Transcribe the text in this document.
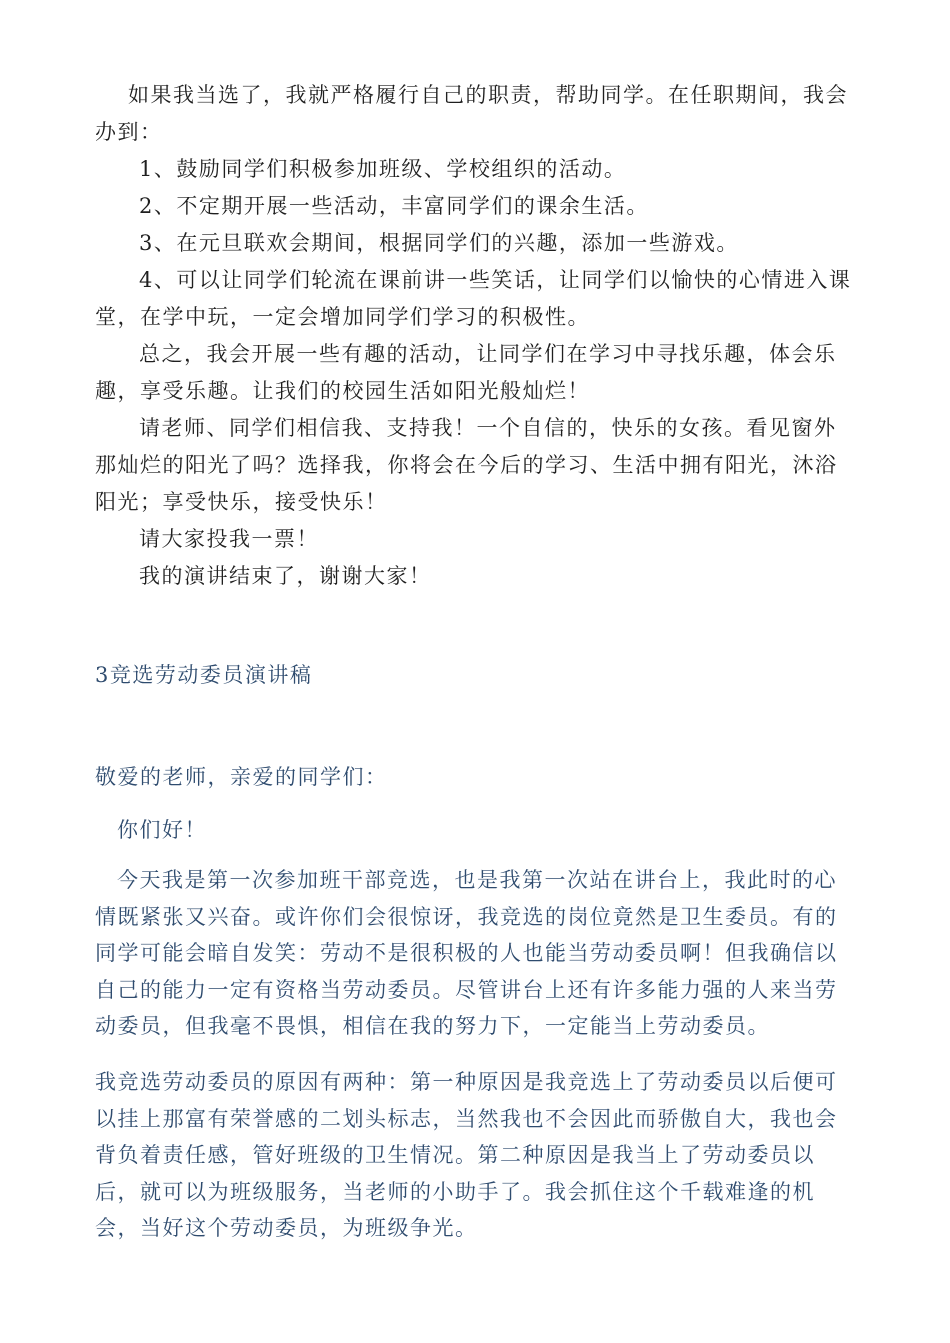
如果我当选了，我就严格履行自己的职责，帮助同学。在任职期间，我会办到：

1、鼓励同学们积极参加班级、学校组织的活动。

2、不定期开展一些活动，丰富同学们的课余生活。

3、在元旦联欢会期间，根据同学们的兴趣，添加一些游戏。

4、可以让同学们轮流在课前讲一些笑话，让同学们以愉快的心情进入课堂，在学中玩，一定会增加同学们学习的积极性。

总之，我会开展一些有趣的活动，让同学们在学习中寻找乐趣，体会乐趣，享受乐趣。让我们的校园生活如阳光般灿烂！

请老师、同学们相信我、支持我！一个自信的，快乐的女孩。看见窗外那灿烂的阳光了吗？选择我，你将会在今后的学习、生活中拥有阳光，沐浴阳光；享受快乐，接受快乐！

请大家投我一票！

我的演讲结束了，谢谢大家！

3竞选劳动委员演讲稿

敬爱的老师，亲爱的同学们：

你们好！

今天我是第一次参加班干部竞选，也是我第一次站在讲台上，我此时的心情既紧张又兴奋。或许你们会很惊讶，我竞选的岗位竟然是卫生委员。有的同学可能会暗自发笑：劳动不是很积极的人也能当劳动委员啊！但我确信以自己的能力一定有资格当劳动委员。尽管讲台上还有许多能力强的人来当劳动委员，但我毫不畏惧，相信在我的努力下，一定能当上劳动委员。

我竞选劳动委员的原因有两种：第一种原因是我竞选上了劳动委员以后便可以挂上那富有荣誉感的二划头标志，当然我也不会因此而骄傲自大，我也会背负着责任感，管好班级的卫生情况。第二种原因是我当上了劳动委员以后，就可以为班级服务，当老师的小助手了。我会抓住这个千载难逢的机会，当好这个劳动委员，为班级争光。
